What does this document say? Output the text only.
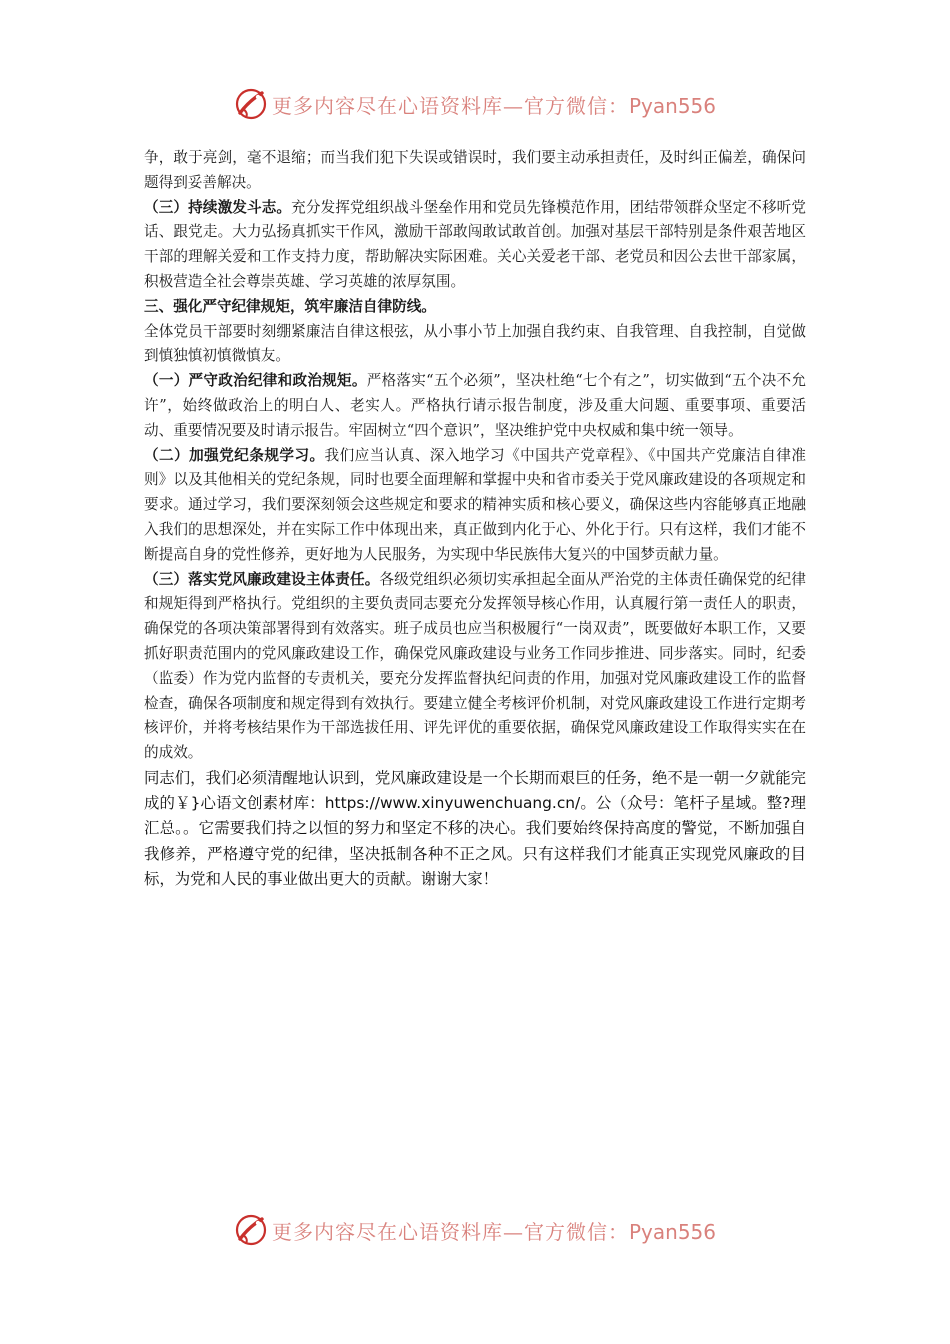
更多内容尽在心语资料库—官方微信：Pyan556

争，敢于亮剑，毫不退缩；而当我们犯下失误或错误时，我们要主动承担责任，及时纠正偏差，确保问题得到妥善解决。

（三）持续激发斗志。充分发挥党组织战斗堡垒作用和党员先锋模范作用，团结带领群众坚定不移听党话、跟党走。大力弘扬真抓实干作风，激励干部敢闯敢试敢首创。加强对基层干部特别是条件艰苦地区干部的理解关爱和工作支持力度，帮助解决实际困难。关心关爱老干部、老党员和因公去世干部家属，积极营造全社会尊崇英雄、学习英雄的浓厚氛围。

三、强化严守纪律规矩，筑牢廉洁自律防线。

全体党员干部要时刻绷紧廉洁自律这根弦，从小事小节上加强自我约束、自我管理、自我控制，自觉做到慎独慎初慎微慎友。

（一）严守政治纪律和政治规矩。严格落实“五个必须”，坚决杜绝“七个有之”，切实做到“五个决不允许”，始终做政治上的明白人、老实人。严格执行请示报告制度，涉及重大问题、重要事项、重要活动、重要情况要及时请示报告。牢固树立“四个意识”，坚决维护党中央权威和集中统一领导。

（二）加强党纪条规学习。我们应当认真、深入地学习《中国共产党章程》、《中国共产党廉洁自律准则》以及其他相关的党纪条规，同时也要全面理解和掌握中央和省市委关于党风廉政建设的各项规定和要求。通过学习，我们要深刻领会这些规定和要求的精神实质和核心要义，确保这些内容能够真正地融入我们的思想深处，并在实际工作中体现出来，真正做到内化于心、外化于行。只有这样，我们才能不断提高自身的党性修养，更好地为人民服务，为实现中华民族伟大复兴的中国梦贡献力量。

（三）落实党风廉政建设主体责任。各级党组织必须切实承担起全面从严治党的主体责任确保党的纪律和规矩得到严格执行。党组织的主要负责同志要充分发挥领导核心作用，认真履行第一责任人的职责，确保党的各项决策部署得到有效落实。班子成员也应当积极履行“一岗双责”，既要做好本职工作，又要抓好职责范围内的党风廉政建设工作，确保党风廉政建设与业务工作同步推进、同步落实。同时，纪委（监委）作为党内监督的专责机关，要充分发挥监督执纪问责的作用，加强对党风廉政建设工作的监督检查，确保各项制度和规定得到有效执行。要建立健全考核评价机制，对党风廉政建设工作进行定期考核评价，并将考核结果作为干部选拔任用、评先评优的重要依据，确保党风廉政建设工作取得实实在在的成效。

同志们，我们必须清醒地认识到，党风廉政建设是一个长期而艰巨的任务，绝不是一朝一夕就能完成的￥}心语文创素材库：https://www.xinyuwenchuang.cn/。公（众号：笔杆子星域。整?理汇总。。它需要我们持之以恒的努力和坚定不移的决心。我们要始终保持高度的警觉，不断加强自我修养，严格遵守党的纪律，坚决抵制各种不正之风。只有这样我们才能真正实现党风廉政的目标，为党和人民的事业做出更大的贡献。谢谢大家！

更多内容尽在心语资料库—官方微信：Pyan556
